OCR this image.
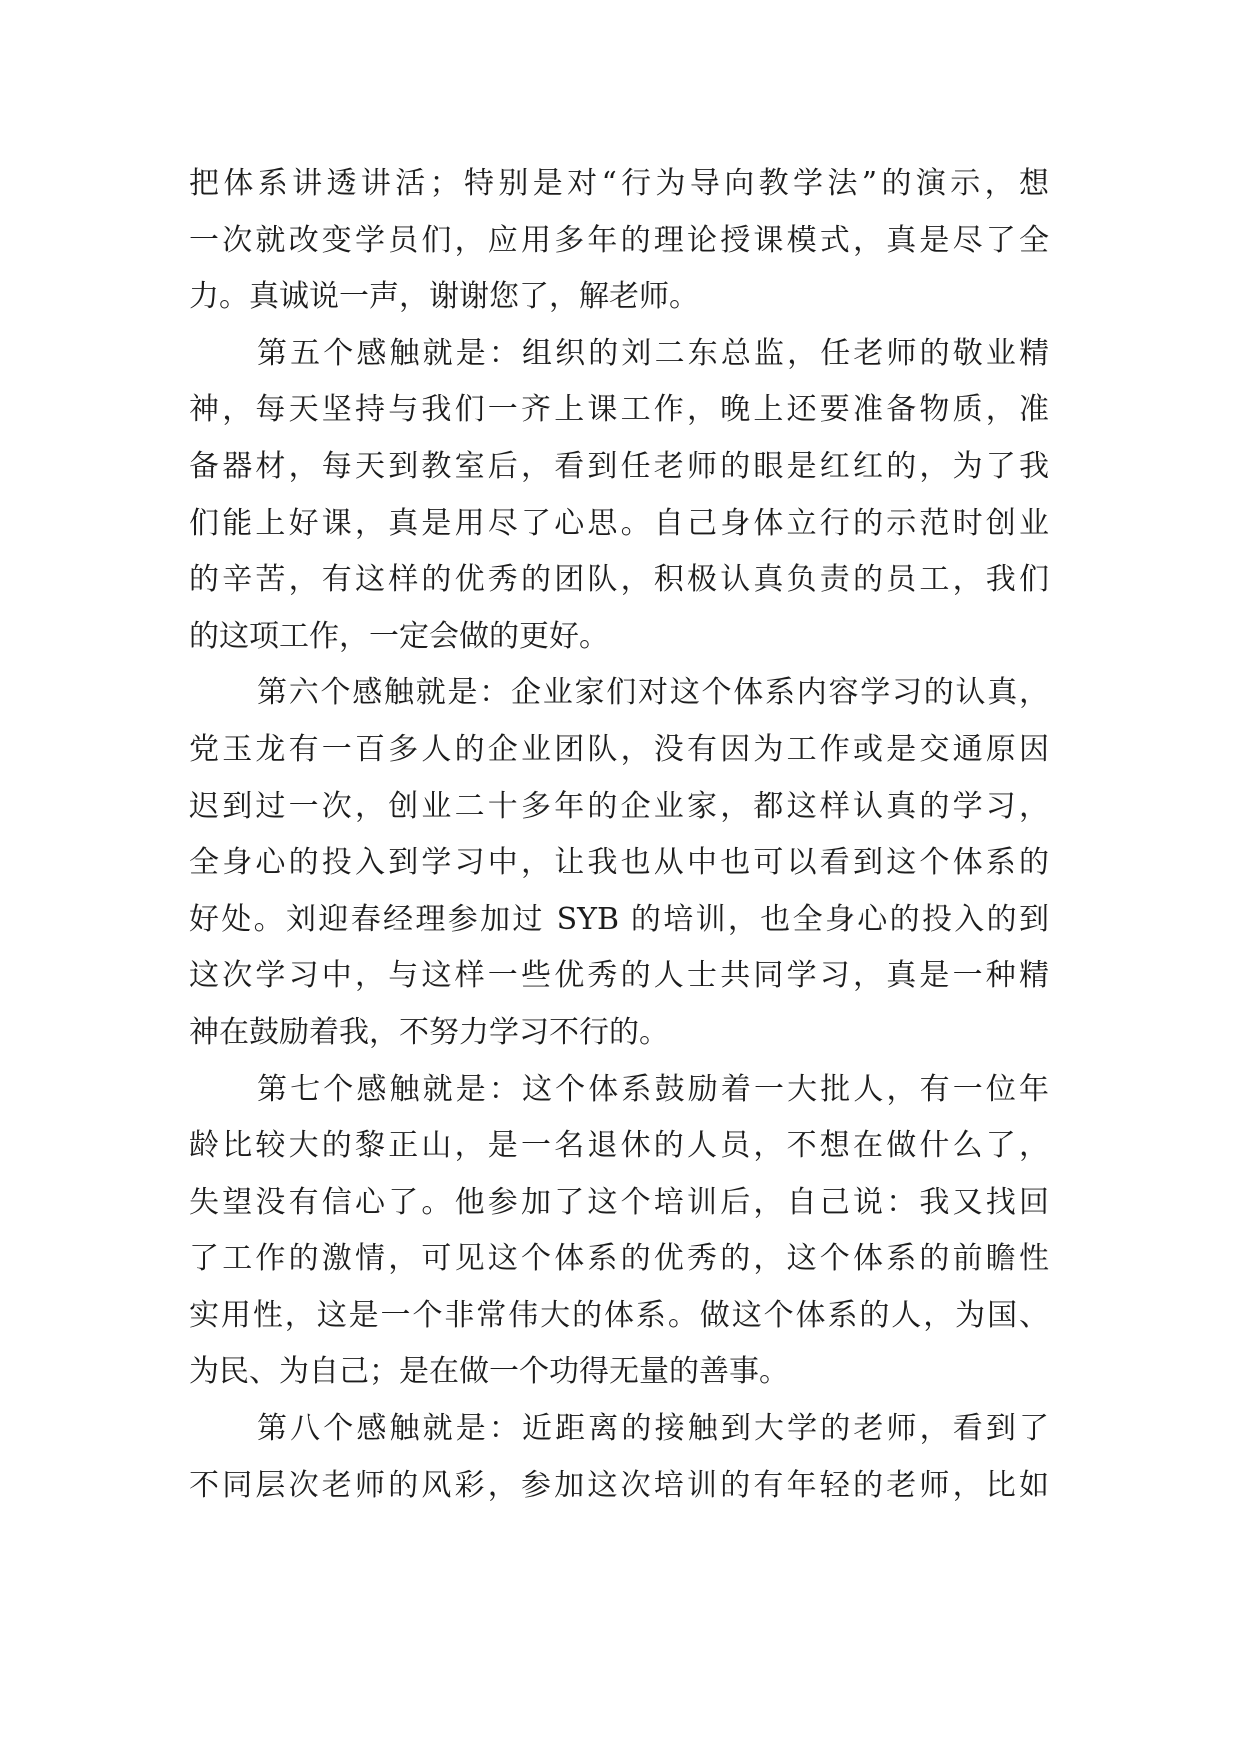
把体系讲透讲活；特别是对“行为导向教学法”的演示，想
一次就改变学员们，应用多年的理论授课模式，真是尽了全
力。真诚说一声，谢谢您了，解老师。
第五个感触就是：组织的刘二东总监，任老师的敬业精
神，每天坚持与我们一齐上课工作，晚上还要准备物质，准
备器材，每天到教室后，看到任老师的眼是红红的，为了我
们能上好课，真是用尽了心思。自己身体立行的示范时创业
的辛苦，有这样的优秀的团队，积极认真负责的员工，我们
的这项工作，一定会做的更好。
第六个感触就是：企业家们对这个体系内容学习的认真，
党玉龙有一百多人的企业团队，没有因为工作或是交通原因
迟到过一次，创业二十多年的企业家，都这样认真的学习，
全身心的投入到学习中，让我也从中也可以看到这个体系的
好处。刘迎春经理参加过 SYB 的培训，也全身心的投入的到
这次学习中，与这样一些优秀的人士共同学习，真是一种精
神在鼓励着我，不努力学习不行的。
第七个感触就是：这个体系鼓励着一大批人，有一位年
龄比较大的黎正山，是一名退休的人员，不想在做什么了，
失望没有信心了。他参加了这个培训后，自己说：我又找回
了工作的激情，可见这个体系的优秀的，这个体系的前瞻性
实用性，这是一个非常伟大的体系。做这个体系的人，为国、
为民、为自己；是在做一个功得无量的善事。
第八个感触就是：近距离的接触到大学的老师，看到了
不同层次老师的风彩，参加这次培训的有年轻的老师，比如
